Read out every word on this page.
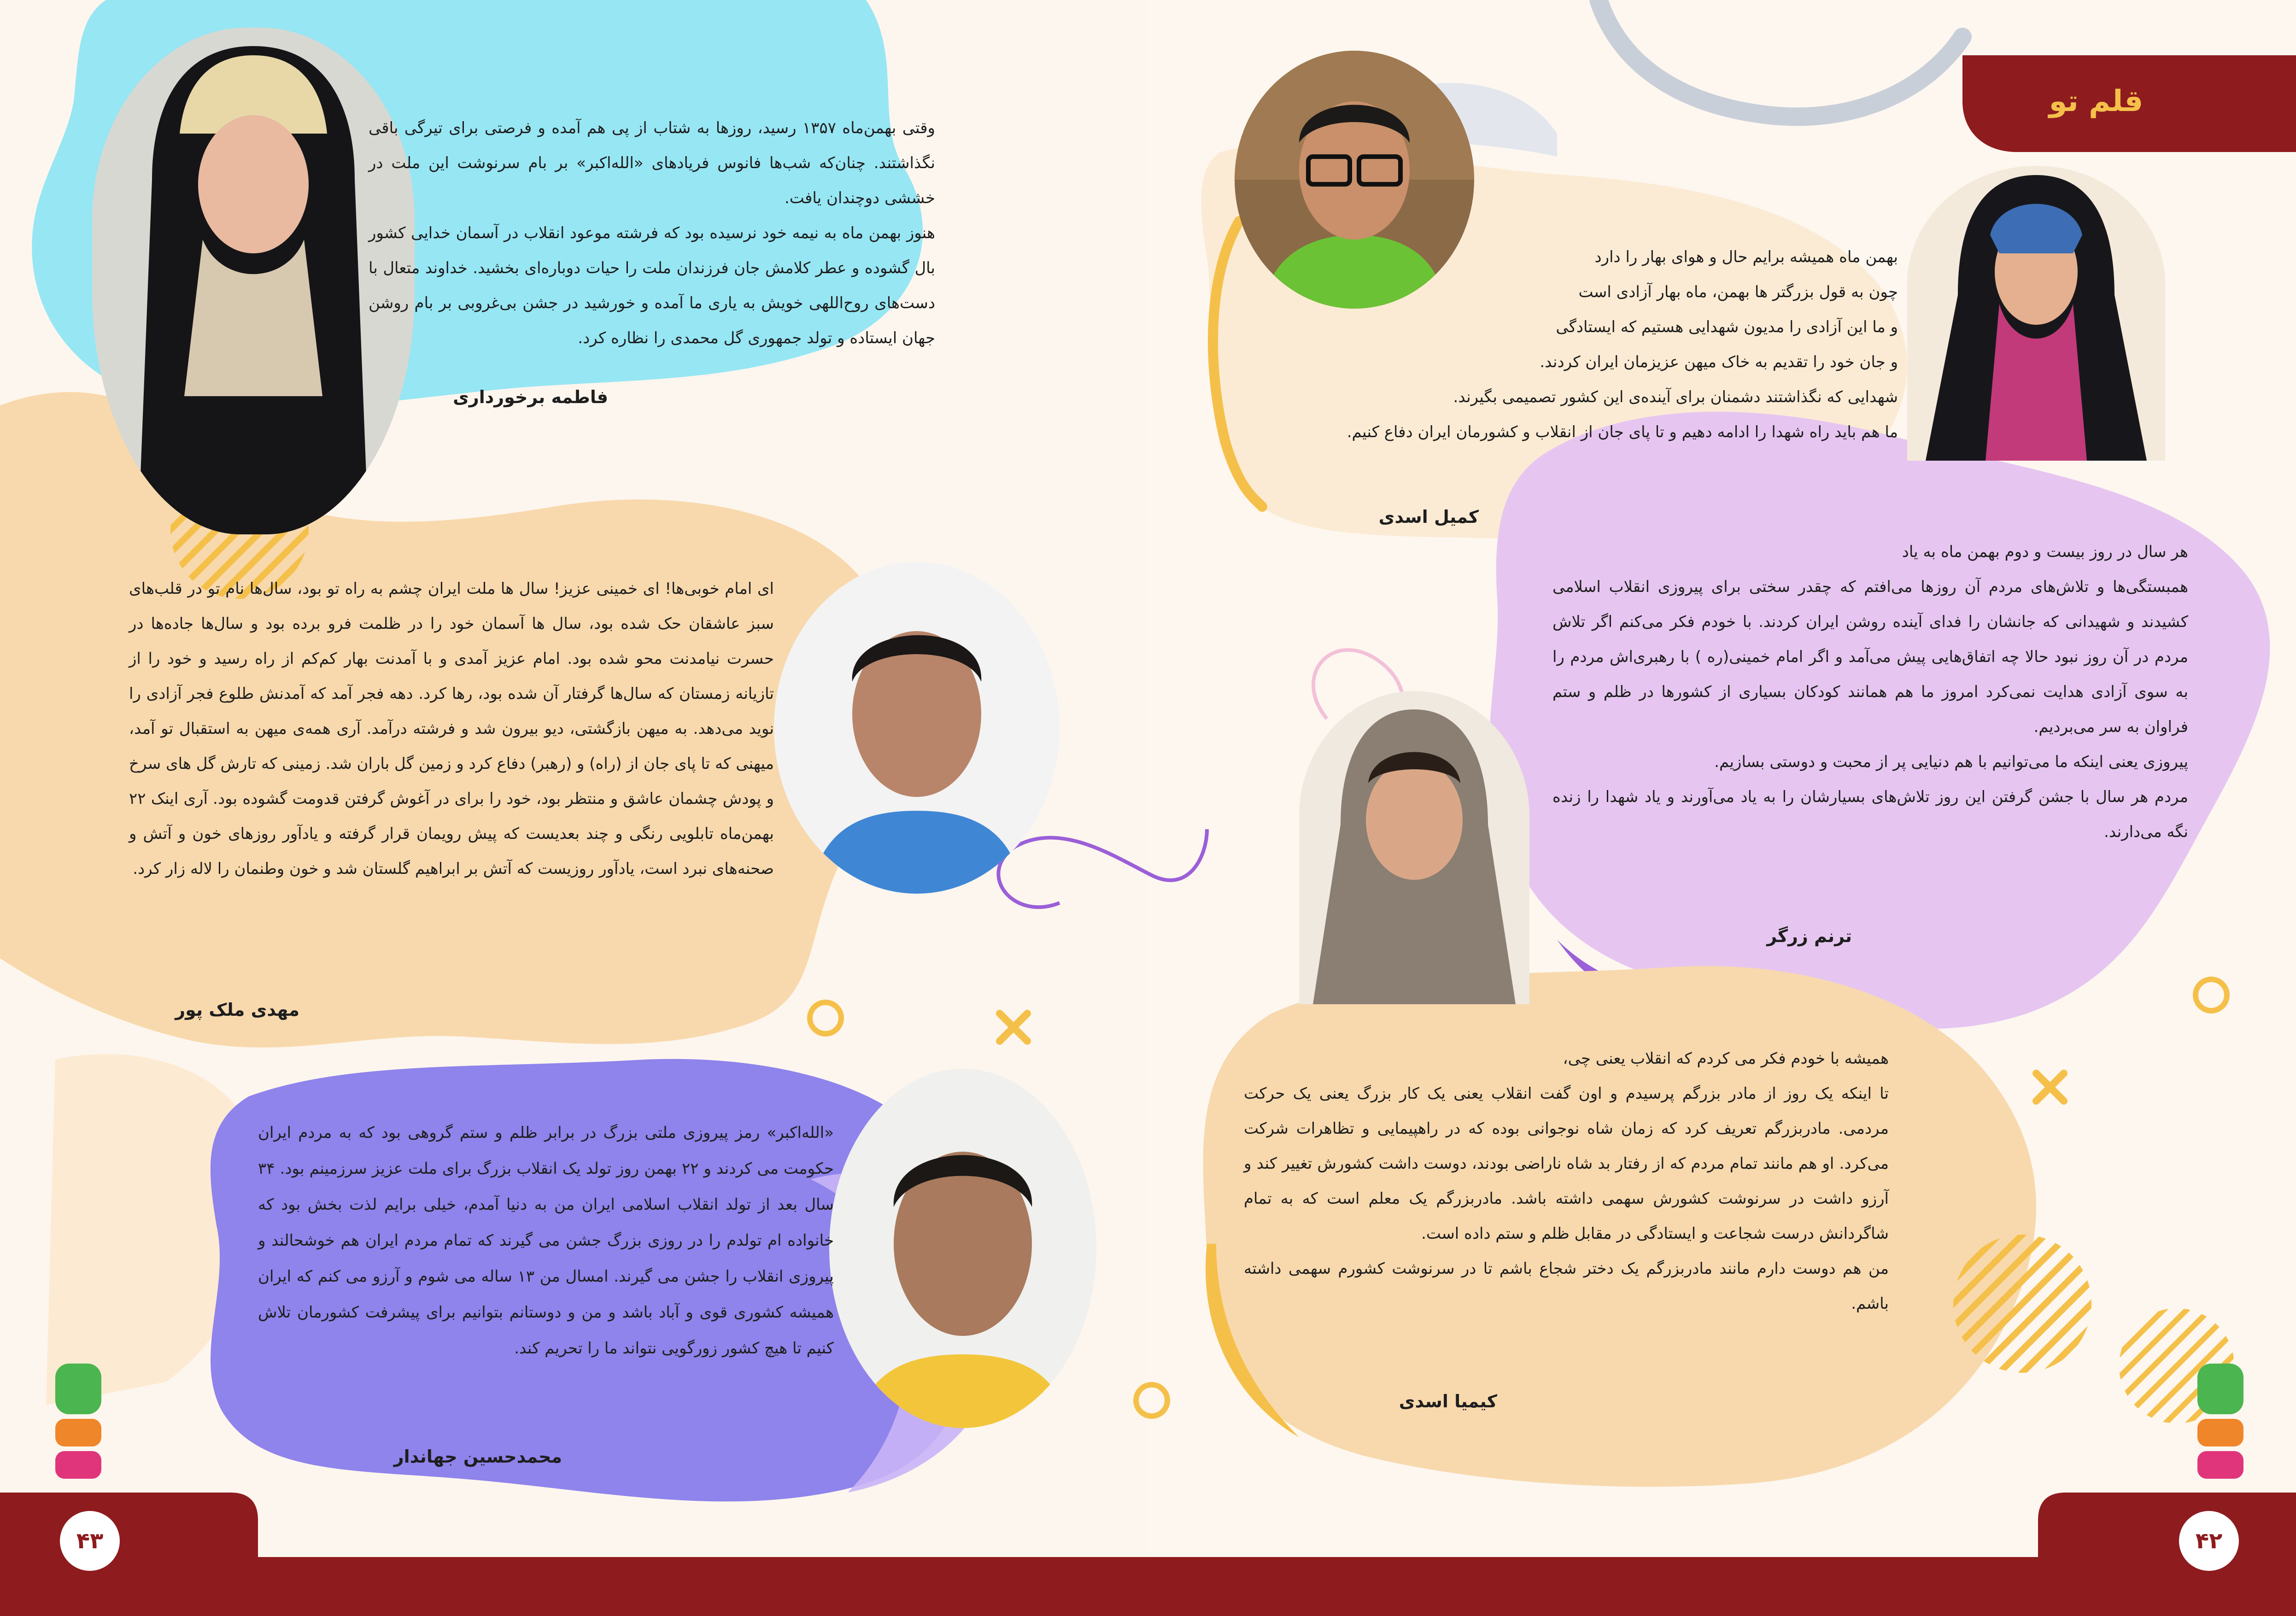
قلم تو
۴۳	۴۲

وقتی بهمن‌ماه ۱۳۵۷ رسید، روزها به شتاب از پی هم آمده و فرصتی برای تیرگی باقی نگذاشتند. چنان‌که شب‌ها فانوس فریادهای «الله‌اکبر» بر بام سرنوشت این ملت در خششی دوچندان یافت.

هنوز بهمن ماه به نیمه خود نرسیده بود که فرشته موعود انقلاب در آسمان خدایی کشور بال گشوده و عطر کلامش جان فرزندان ملت را حیات دوباره‌ای بخشید. خداوند متعال با دست‌های روح‌اللهی خویش به یاری ما آمده و خورشید در جشن بی‌غروبی بر بام روشن جهان ایستاده و تولد جمهوری گل محمدی را نظاره کرد.

فاطمه برخورداری

ای امام خوبی‌ها! ای خمینی عزیز! سال ها ملت ایران چشم به راه تو بود، سال‌ها نام تو در قلب‌های سبز عاشقان حک شده بود، سال ها آسمان خود را در ظلمت فرو برده بود و سال‌ها جاده‌ها در حسرت نیامدنت محو شده بود. امام عزیز آمدی و با آمدنت بهار کم‌کم از راه رسید و خود را از تازیانه زمستان که سال‌ها گرفتار آن شده بود، رها کرد. دهه فجر آمد که آمدنش طلوع فجر آزادی را نوید می‌دهد. به میهن بازگشتی، دیو بیرون شد و فرشته درآمد. آری همه‌ی میهن به استقبال تو آمد، میهنی که تا پای جان از (راه) و (رهبر) دفاع کرد و زمین گل باران شد. زمینی که تارش گل های سرخ و پودش چشمان عاشق و منتظر بود، خود را برای در آغوش گرفتن قدومت گشوده بود. آری اینک ۲۲ بهمن‌ماه تابلویی رنگی و چند بعدیست که پیش رویمان قرار گرفته و یادآور روزهای خون و آتش و صحنه‌های نبرد است، یادآور روزیست که آتش بر ابراهیم گلستان شد و خون وطنمان را لاله زار کرد.

مهدی ملک پور

«الله‌اکبر» رمز پیروزی ملتی بزرگ در برابر ظلم و ستم گروهی بود که به مردم ایران حکومت می کردند و ۲۲ بهمن روز تولد یک انقلاب بزرگ برای ملت عزیز سرزمینم بود. ۳۴ سال بعد از تولد انقلاب اسلامی ایران من به دنیا آمدم، خیلی برایم لذت بخش بود که خانواده ام تولدم را در روزی بزرگ جشن می گیرند که تمام مردم ایران هم خوشحالند و پیروزی انقلاب را جشن می گیرند. امسال من ۱۳ ساله می شوم و آرزو می کنم که ایران همیشه کشوری قوی و آباد باشد و من و دوستانم بتوانیم برای پیشرفت کشورمان تلاش کنیم تا هیچ کشور زورگویی نتواند ما را تحریم کند.

محمدحسین جهاندار

بهمن ماه همیشه برایم حال و هوای بهار را دارد

چون به قول بزرگتر ها بهمن، ماه بهار آزادی است

و ما این آزادی را مدیون شهدایی هستیم که ایستادگی

و جان خود را تقدیم به خاک میهن عزیزمان ایران کردند.

شهدایی که نگذاشتند دشمنان برای آینده‌ی این کشور تصمیمی بگیرند.

ما هم باید راه شهدا را ادامه دهیم و تا پای جان از انقلاب و کشورمان ایران دفاع کنیم.

کمیل اسدی

هر سال در روز بیست و دوم بهمن ماه به یاد

همبستگی‌ها و تلاش‌های مردم آن روزها می‌افتم که چقدر سختی برای پیروزی انقلاب اسلامی کشیدند و شهیدانی که جانشان را فدای آینده روشن ایران کردند. با خودم فکر می‌کنم اگر تلاش مردم در آن روز نبود حالا چه اتفاق‌هایی پیش می‌آمد و اگر امام خمینی(ره ) با رهبری‌اش مردم را به سوی آزادی هدایت نمی‌کرد امروز ما هم همانند کودکان بسیاری از کشورها در ظلم و ستم فراوان به سر می‌بردیم.

پیروزی یعنی اینکه ما می‌توانیم با هم دنیایی پر از محبت و دوستی بسازیم.

مردم هر سال با جشن گرفتن این روز تلاش‌های بسیارشان را به یاد می‌آورند و یاد شهدا را زنده نگه می‌دارند.

ترنم زرگر

همیشه با خودم فکر می کردم که انقلاب یعنی چی،

تا اینکه یک روز از مادر بزرگم پرسیدم و اون گفت انقلاب یعنی یک کار بزرگ یعنی یک حرکت مردمی. مادربزرگم تعریف کرد که زمان شاه نوجوانی بوده که در راهپیمایی و تظاهرات شرکت می‌کرد. او هم مانند تمام مردم که از رفتار بد شاه ناراضی بودند، دوست داشت کشورش تغییر کند و آرزو داشت در سرنوشت کشورش سهمی داشته باشد. مادربزرگم یک معلم است که به تمام شاگردانش درست شجاعت و ایستادگی در مقابل ظلم و ستم داده است.

من هم دوست دارم مانند مادربزرگم یک دختر شجاع باشم تا در سرنوشت کشورم سهمی داشته باشم.

کیمیا اسدی
